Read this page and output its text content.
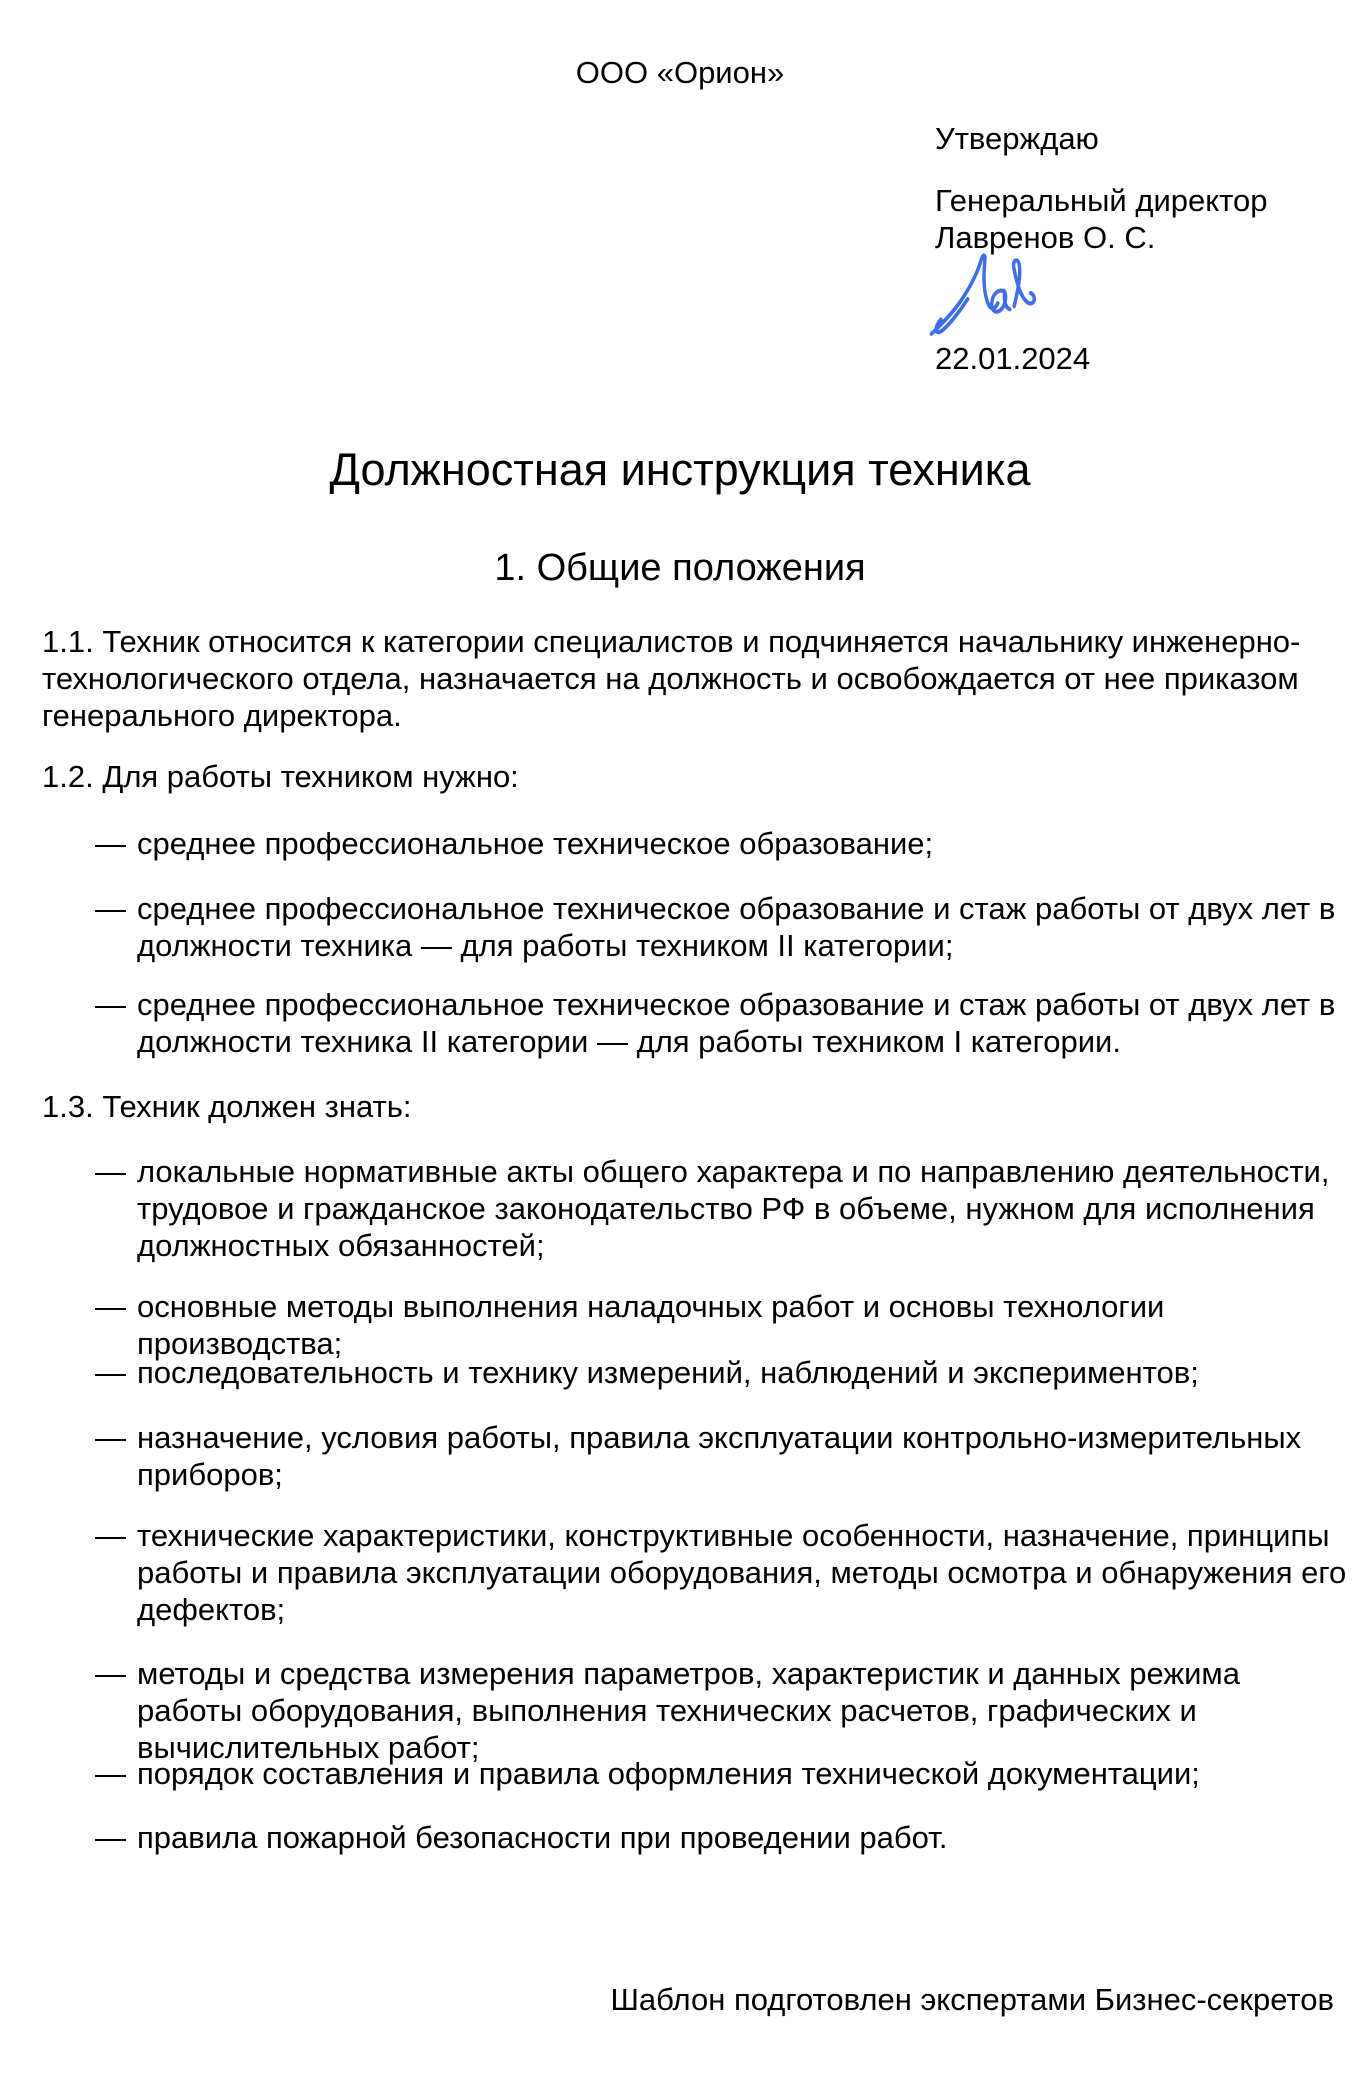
ООО «Орион»
Утверждаю
Генеральный директор
Лавренов О. С.
22.01.2024
Должностная инструкция техника
1. Общие положения
1.1. Техник относится к категории специалистов и подчиняется начальнику инженерно-технологического отдела, назначается на должность и освобождается от нее приказом генерального директора.
1.2. Для работы техником нужно:
— среднее профессиональное техническое образование;
— среднее профессиональное техническое образование и стаж работы от двух лет в должности техника — для работы техником II категории;
— среднее профессиональное техническое образование и стаж работы от двух лет в должности техника II категории — для работы техником I категории.
1.3. Техник должен знать:
— локальные нормативные акты общего характера и по направлению деятельности, трудовое и гражданское законодательство РФ в объеме, нужном для исполнения должностных обязанностей;
— основные методы выполнения наладочных работ и основы технологии производства;
— последовательность и технику измерений, наблюдений и экспериментов;
— назначение, условия работы, правила эксплуатации контрольно-измерительных приборов;
— технические характеристики, конструктивные особенности, назначение, принципы работы и правила эксплуатации оборудования, методы осмотра и обнаружения его дефектов;
— методы и средства измерения параметров, характеристик и данных режима работы оборудования, выполнения технических расчетов, графических и вычислительных работ;
— порядок составления и правила оформления технической документации;
— правила пожарной безопасности при проведении работ.
Шаблон подготовлен экспертами Бизнес-секретов
